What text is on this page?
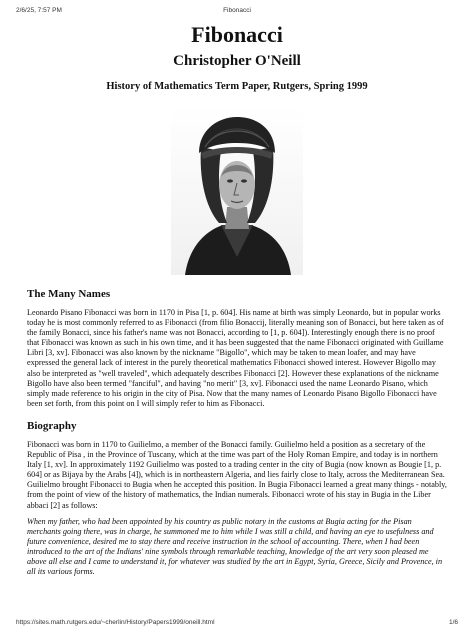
2/6/25, 7:57 PM	Fibonacci
Fibonacci
Christopher O'Neill
History of Mathematics Term Paper, Rutgers, Spring 1999
The Many Names

Leonardo Pisano Fibonacci was born in 1170 in Pisa [1, p. 604]. His name at birth was simply Leonardo, but in popular works today he is most commonly referred to as Fibonacci (from filio Bonaccij, literally meaning son of Bonacci, but here taken as of the family Bonacci, since his father's name was not Bonacci, according to [1, p. 604]). Interestingly enough there is no proof that Fibonacci was known as such in his own time, and it has been suggested that the name Fibonacci originated with Guillame Libri [3, xv]. Fibonacci was also known by the nickname "Bigollo", which may be taken to mean loafer, and may have expressed the general lack of interest in the purely theoretical mathematics Fibonacci showed interest. However Bigollo may also be interpreted as "well traveled", which adequately describes Fibonacci [2]. However these explanations of the nickname Bigollo have also been termed "fanciful", and having "no merit" [3, xv]. Fibonacci used the name Leonardo Pisano, which simply made reference to his origin in the city of Pisa. Now that the many names of Leonardo Pisano Bigollo Fibonacci have been set forth, from this point on I will simply refer to him as Fibonacci.

Biography

Fibonacci was born in 1170 to Guilielmo, a member of the Bonacci family. Guilielmo held a position as a secretary of the Republic of Pisa , in the Province of Tuscany, which at the time was part of the Holy Roman Empire, and today is in northern Italy [1, xv]. In approximately 1192 Guilielmo was posted to a trading center in the city of Bugia (now known as Bougie [1, p. 604] or as Bijaya by the Arabs [4]), which is in northeastern Algeria, and lies fairly close to Italy, across the Mediterranean Sea. Guilielmo brought Fibonacci to Bugia when he accepted this position. In Bugia Fibonacci learned a great many things - notably, from the point of view of the history of mathematics, the Indian numerals. Fibonacci wrote of his stay in Bugia in the Liber abbaci [2] as follows:

When my father, who had been appointed by his country as public notary in the customs at Bugia acting for the Pisan merchants going there, was in charge, he summoned me to him while I was still a child, and having an eye to usefulness and future convenience, desired me to stay there and receive instruction in the school of accounting. There, when I had been introduced to the art of the Indians' nine symbols through remarkable teaching, knowledge of the art very soon pleased me above all else and I came to understand it, for whatever was studied by the art in Egypt, Syria, Greece, Sicily and Provence, in all its various forms.

https://sites.math.rutgers.edu/~cherlin/History/Papers1999/oneill.html	1/6
